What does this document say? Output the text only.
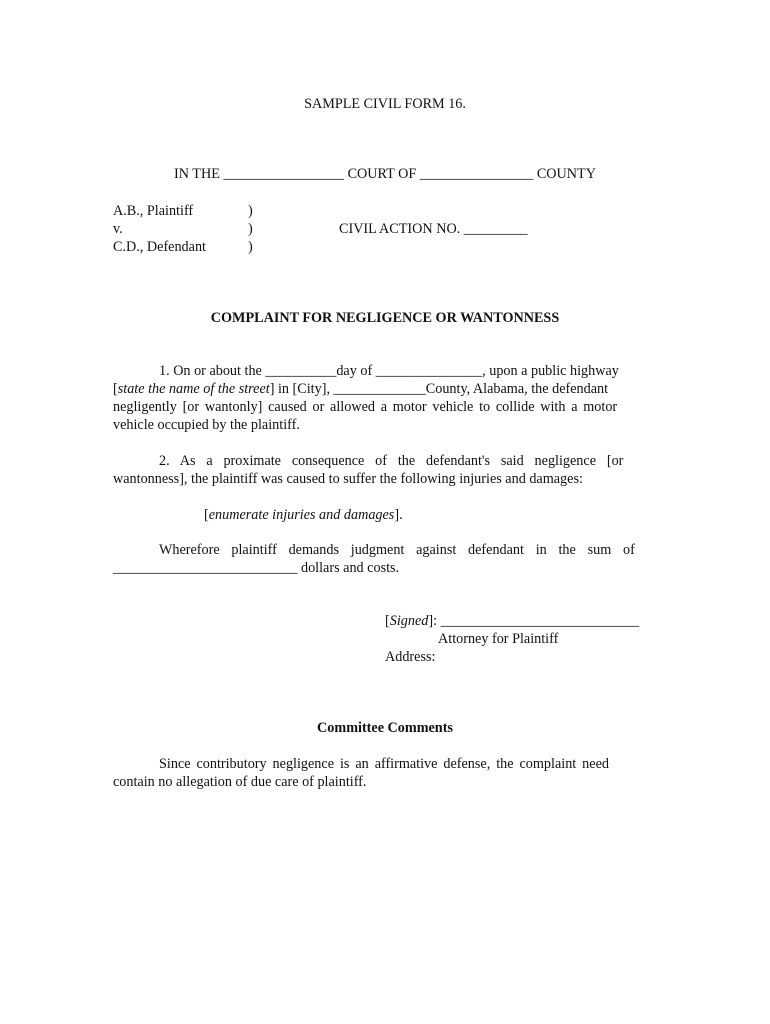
SAMPLE CIVIL FORM 16.
IN THE _________________ COURT OF ________________ COUNTY
A.B., Plaintiff
v.
C.D., Defendant
)
)
)
CIVIL ACTION NO. _________
COMPLAINT FOR NEGLIGENCE OR WANTONNESS
1. On or about the __________day of _______________, upon a public highway
[ state the name of the street ] in [City], _____________County, Alabama, the defendant
negligently [or wantonly] caused or allowed a motor vehicle to collide with a motor
vehicle occupied by the plaintiff.
2. As a proximate consequence of the defendant's said negligence [or
wantonness], the plaintiff was caused to suffer the following injuries and damages:
[enumerate injuries and damages].
Wherefore plaintiff demands judgment against defendant in the sum of
__________________________ dollars and costs.
[Signed]: ____________________________
Attorney for Plaintiff
Address:
Committee Comments
Since contributory negligence is an affirmative defense, the complaint need
contain no allegation of due care of plaintiff.
